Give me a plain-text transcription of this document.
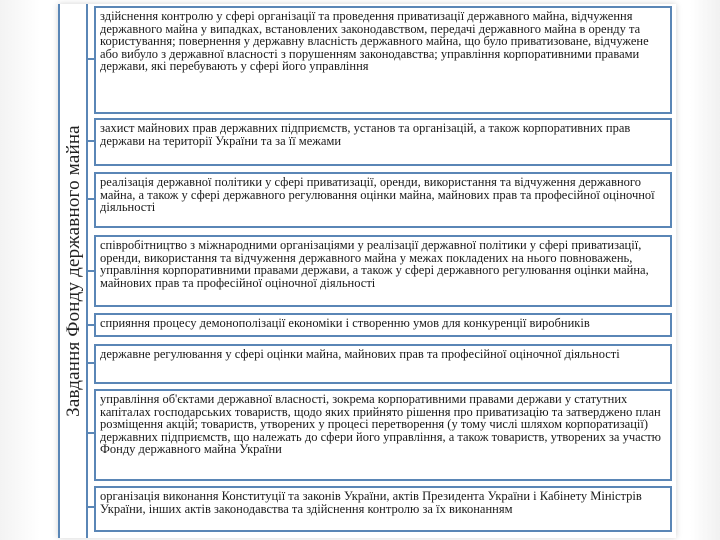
Завдання Фонду державного майна
здійснення контролю у сфері організації та проведення приватизації державного майна, відчуження державного майна у випадках, встановлених законодавством, передачі державного майна в оренду та користування; повернення у державну власність державного майна, що було приватизоване, відчужене або вибуло з державної власності з порушенням законодавства; управління корпоративними правами держави, які перебувають у сфері його управління
захист майнових прав державних підприємств, установ та організацій, а також корпоративних прав держави на території України та за її межами
реалізація державної політики у сфері приватизації, оренди, використання та відчуження державного майна, а також у сфері державного регулювання оцінки майна, майнових прав та професійної оціночної діяльності
співробітництво з міжнародними організаціями у реалізації державної політики у сфері приватизації, оренди, використання та відчуження державного майна у межах покладених на нього повноважень, управління корпоративними правами держави, а також у сфері державного регулювання оцінки майна, майнових прав та професійної оціночної діяльності
сприяння процесу демонополізації економіки і створенню умов для конкуренції виробників
державне регулювання у сфері оцінки майна, майнових прав та професійної оціночної діяльності
управління об'єктами державної власності, зокрема корпоративними правами держави у статутних капіталах господарських товариств, щодо яких прийнято рішення про приватизацію та затверджено план розміщення акцій; товариств, утворених у процесі перетворення (у тому числі шляхом корпоратизації) державних підприємств, що належать до сфери його управління, а також товариств, утворених за участю Фонду державного майна України
організація виконання Конституції та законів України, актів Президента України і Кабінету Міністрів України, інших актів законодавства та здійснення контролю за їх виконанням
